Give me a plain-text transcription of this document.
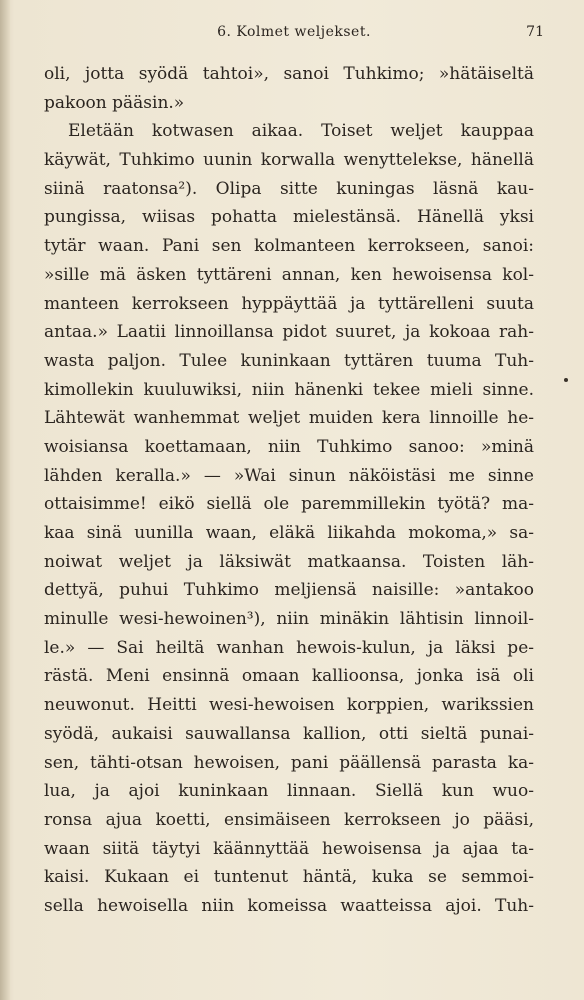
6. Kolmet weljekset.	71
oli, jotta syödä tahtoi», sanoi Tuhkimo; »hätäiseltä
pakoon pääsin.»
Eletään kotwasen aikaa. Toiset weljet kauppaa
käywät, Tuhkimo uunin korwalla wenyttelekse, hänellä
siinä raatonsa²). Olipa sitte kuningas läsnä kau-
pungissa, wiisas pohatta mielestänsä. Hänellä yksi
tytär waan. Pani sen kolmanteen kerrokseen, sanoi:
»sille mä äsken tyttäreni annan, ken hewoisensa kol-
manteen kerrokseen hyppäyttää ja tyttärelleni suuta
antaa.» Laatii linnoillansa pidot suuret, ja kokoaa rah-
wasta paljon. Tulee kuninkaan tyttären tuuma Tuh-
kimollekin kuuluwiksi, niin hänenki tekee mieli sinne.
Lähtewät wanhemmat weljet muiden kera linnoille he-
woisiansa koettamaan, niin Tuhkimo sanoo: »minä
lähden keralla.» — »Wai sinun näköistäsi me sinne
ottaisimme! eikö siellä ole paremmillekin työtä? ma-
kaa sinä uunilla waan, eläkä liikahda mokoma,» sa-
noiwat weljet ja läksiwät matkaansa. Toisten läh-
dettyä, puhui Tuhkimo meljiensä naisille: »antakoo
minulle wesi-hewoinen³), niin minäkin lähtisin linnoil-
le.» — Sai heiltä wanhan hewois-kulun, ja läksi pe-
rästä. Meni ensinnä omaan kallioonsa, jonka isä oli
neuwonut. Heitti wesi-hewoisen korppien, warikssien
syödä, aukaisi sauwallansa kallion, otti sieltä punai-
sen, tähti-otsan hewoisen, pani päällensä parasta ka-
lua, ja ajoi kuninkaan linnaan. Siellä kun wuo-
ronsa ajua koetti, ensimäiseen kerrokseen jo pääsi,
waan siitä täytyi käännyttää hewoisensa ja ajaa ta-
kaisi. Kukaan ei tuntenut häntä, kuka se semmoi-
sella hewoisella niin komeissa waatteissa ajoi. Tuh-
